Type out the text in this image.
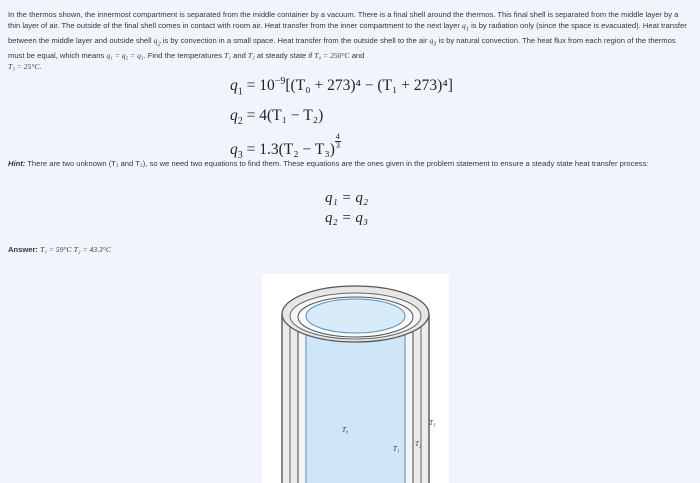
In the thermos shown, the innermost compartment is separated from the middle container by a vacuum. There is a final shell around the thermos. This final shell is separated from the middle layer by a thin layer of air. The outside of the final shell comes in contact with room air. Heat transfer from the inner compartment to the next layer $q_1$ is by radiation only (since the space is evacuated). Heat transfer between the middle layer and outside shell $q_2$ is by convection in a small space. Heat transfer from the outside shell to the air $q_3$ is by natural convection. The heat flux from each region of the thermos must be equal, which means q₁ = q₂ = q₃. Find the temperatures T₁ and T₂ at steady state if T₀ = 250°C and
T₃ = 25°C.

$q_1 = 10^{-9}[(T_0 + 273)^4 - (T_1 + 273)^4]$
$q_2 = 4(T_1 - T_2)$
$q_3 = 1.3(T_2 - T_3) \frac{4}{3}$

Hint: There are two unknown (T₁ and T₂), so we need two equations to find them. These equations are the ones given in the problem statement to ensure a steady state heat transfer process:

q₁ = q₂
q₂ = q₃
Answer: T₁ = 59°C T₂ = 43.3°C
T₀
T₁
T₂
T₃
